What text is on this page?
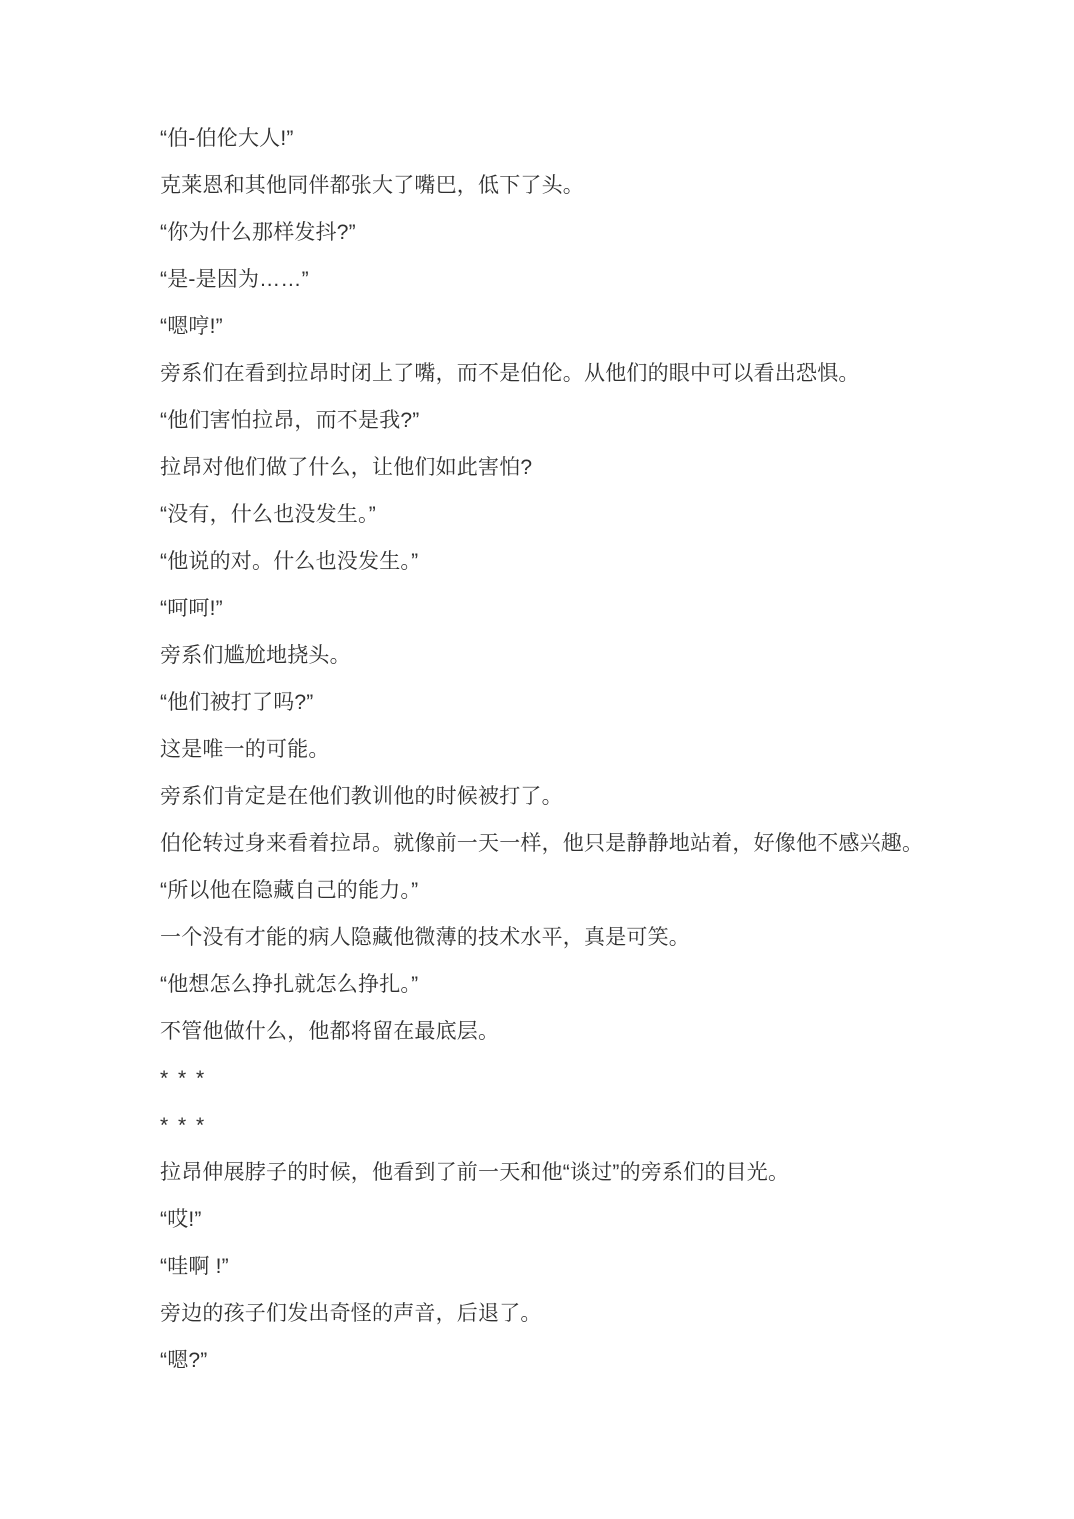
“伯-伯伦大人!”

克莱恩和其他同伴都张大了嘴巴，低下了头。

“你为什么那样发抖?”

“是-是因为……”

“嗯哼!”

旁系们在看到拉昂时闭上了嘴，而不是伯伦。从他们的眼中可以看出恐惧。

“他们害怕拉昂，而不是我?”

拉昂对他们做了什么，让他们如此害怕?

“没有，什么也没发生。”

“他说的对。什么也没发生。”

“呵呵!”

旁系们尴尬地挠头。

“他们被打了吗?”

这是唯一的可能。

旁系们肯定是在他们教训他的时候被打了。

伯伦转过身来看着拉昂。就像前一天一样，他只是静静地站着，好像他不感兴趣。

“所以他在隐藏自己的能力。”

一个没有才能的病人隐藏他微薄的技术水平，真是可笑。

“他想怎么挣扎就怎么挣扎。”

不管他做什么，他都将留在最底层。

* * *

* * *

拉昂伸展脖子的时候，他看到了前一天和他“谈过”的旁系们的目光。

“哎!”

“哇啊 !”

旁边的孩子们发出奇怪的声音，后退了。

“嗯?”
